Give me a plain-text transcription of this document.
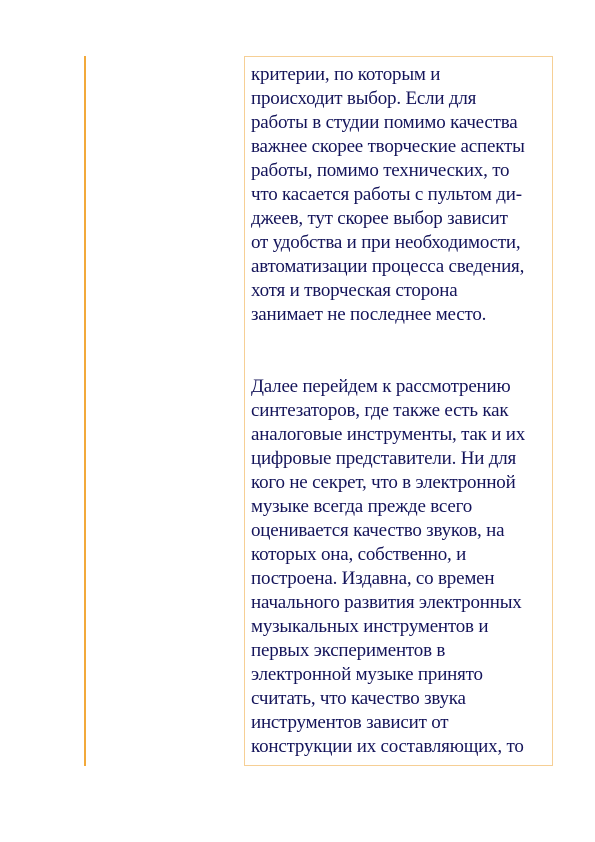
критерии, по которым и
происходит выбор. Если для
работы в студии помимо качества
важнее скорее творческие аспекты
работы, помимо технических, то
что касается работы с пультом ди-
джеев, тут скорее выбор зависит
от удобства и при необходимости,
автоматизации процесса сведения,
хотя и творческая сторона
занимает не последнее место.

Далее перейдем к рассмотрению
синтезаторов, где также есть как
аналоговые инструменты, так и их
цифровые представители. Ни для
кого не секрет, что в электронной
музыке всегда прежде всего
оценивается качество звуков, на
которых она, собственно, и
построена. Издавна, со времен
начального развития электронных
музыкальных инструментов и
первых экспериментов в
электронной музыке принято
считать, что качество звука
инструментов зависит от
конструкции их составляющих, то
